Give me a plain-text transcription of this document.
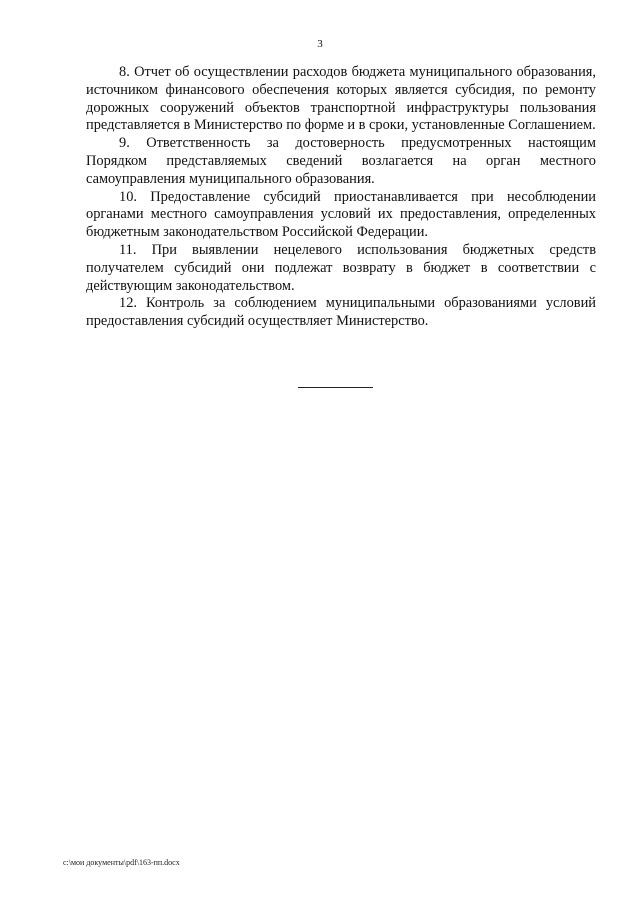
3

8. Отчет об осуществлении расходов бюджета муниципального образования, источником финансового обеспечения которых является субсидия, по ремонту дорожных сооружений объектов транспортной инфраструктуры пользования представляется в Министерство по форме и в сроки, установленные Соглашением.

9. Ответственность за достоверность предусмотренных настоящим Порядком представляемых сведений возлагается на орган местного самоуправления муниципального образования.

10. Предоставление субсидий приостанавливается при несоблюдении органами местного самоуправления условий их предоставления, определенных бюджетным законодательством Российской Федерации.

11. При выявлении нецелевого использования бюджетных средств получателем субсидий они подлежат возврату в бюджет в соответствии с действующим законодательством.

12. Контроль за соблюдением муниципальными образованиями условий предоставления субсидий осуществляет Министерство.

c:\мои документы\pdf\163-пп.docx
